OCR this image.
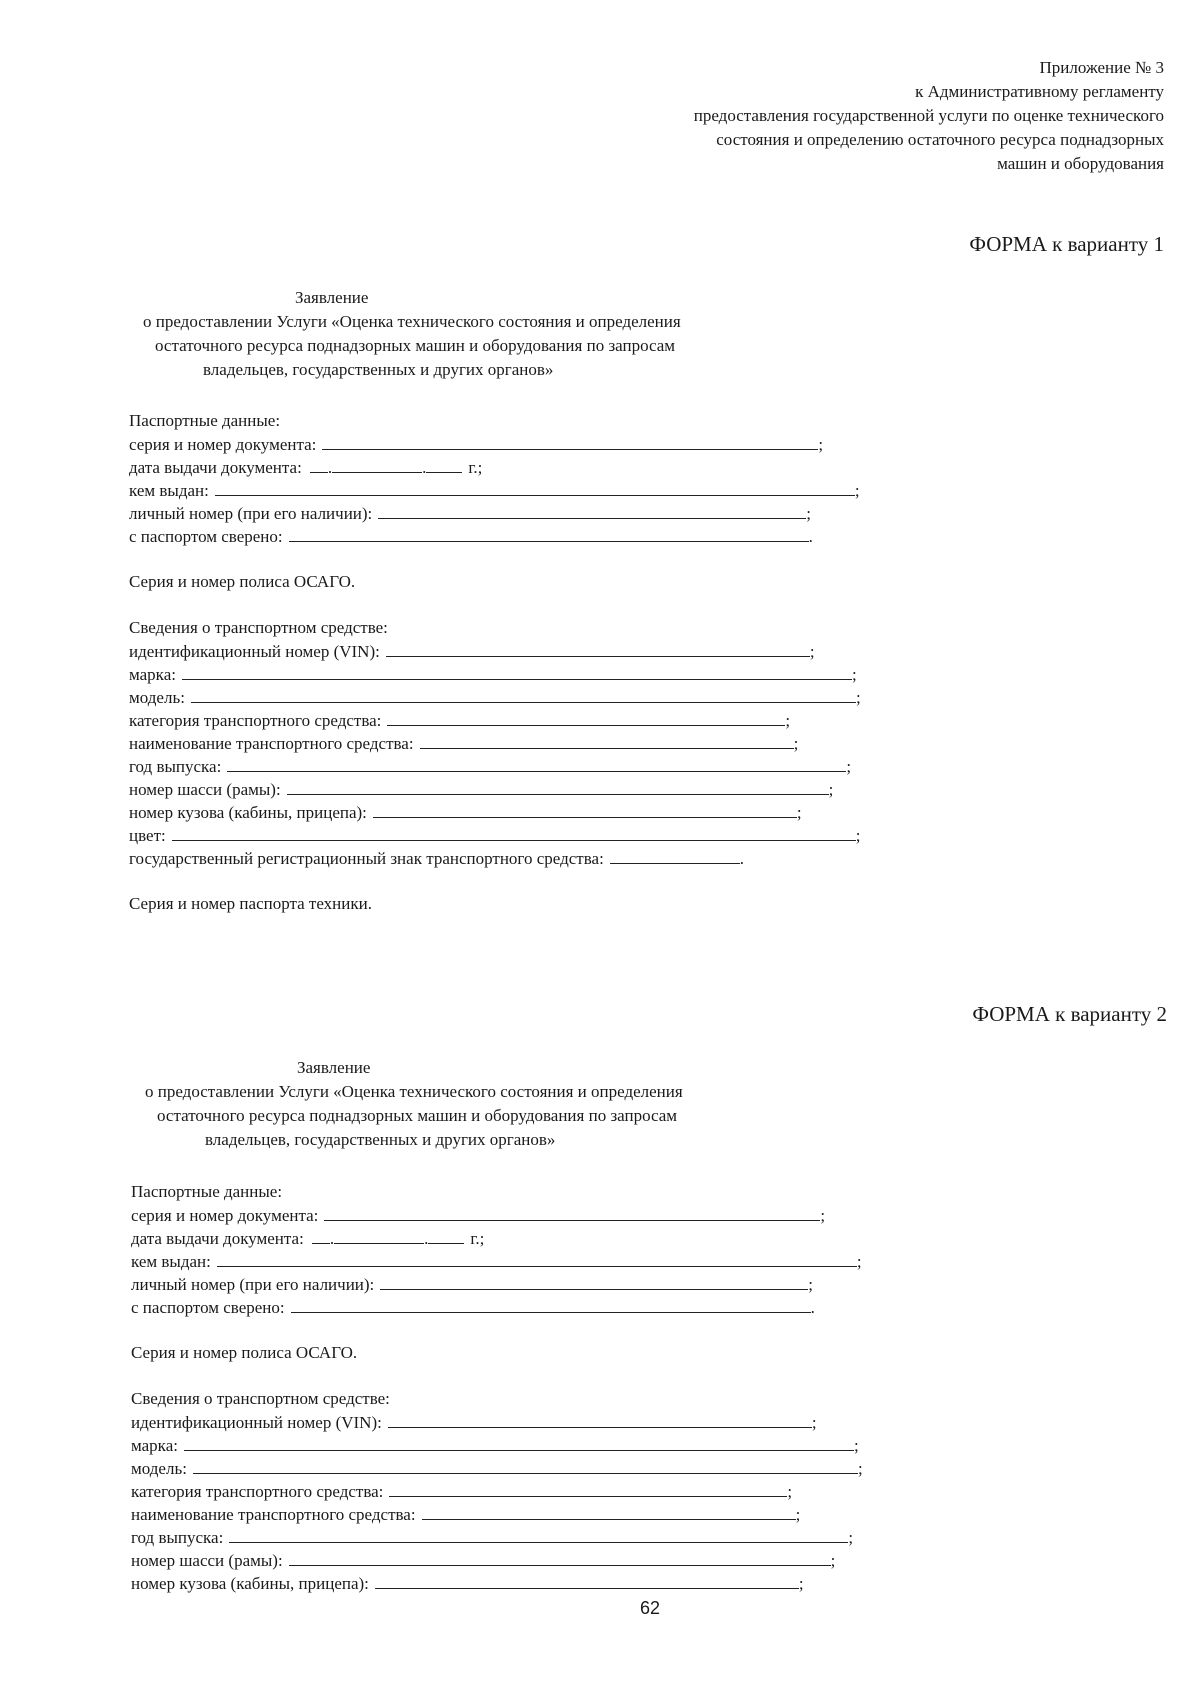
Приложение № 3
к Административному регламенту
предоставления государственной услуги по оценке технического
состояния и определению остаточного ресурса поднадзорных
машин и оборудования
ФОРМА к варианту 1
Заявление
о предоставлении Услуги «Оценка технического состояния и определения
остаточного ресурса поднадзорных машин и оборудования по запросам
владельцев, государственных и других органов»
Паспортные данные:
серия и номер документа:	;
дата выдачи документа: .	. г.;
кем выдан:	;
личный номер (при его наличии):	;
с паспортом сверено:	.
Серия и номер полиса ОСАГО.
Сведения о транспортном средстве:
идентификационный номер (VIN):	;
марка:	;
модель:	;
категория транспортного средства:	;
наименование транспортного средства:	;
год выпуска:	;
номер шасси (рамы):	;
номер кузова (кабины, прицепа):	;
цвет:	;
государственный регистрационный знак транспортного средства:	.
Серия и номер паспорта техники.
ФОРМА к варианту 2
Заявление
о предоставлении Услуги «Оценка технического состояния и определения
остаточного ресурса поднадзорных машин и оборудования по запросам
владельцев, государственных и других органов»
Паспортные данные:
серия и номер документа:	;
дата выдачи документа: .	. г.;
кем выдан:	;
личный номер (при его наличии):	;
с паспортом сверено:	.
Серия и номер полиса ОСАГО.
Сведения о транспортном средстве:
идентификационный номер (VIN):	;
марка:	;
модель:	;
категория транспортного средства:	;
наименование транспортного средства:	;
год выпуска:	;
номер шасси (рамы):	;
номер кузова (кабины, прицепа):	;
62
